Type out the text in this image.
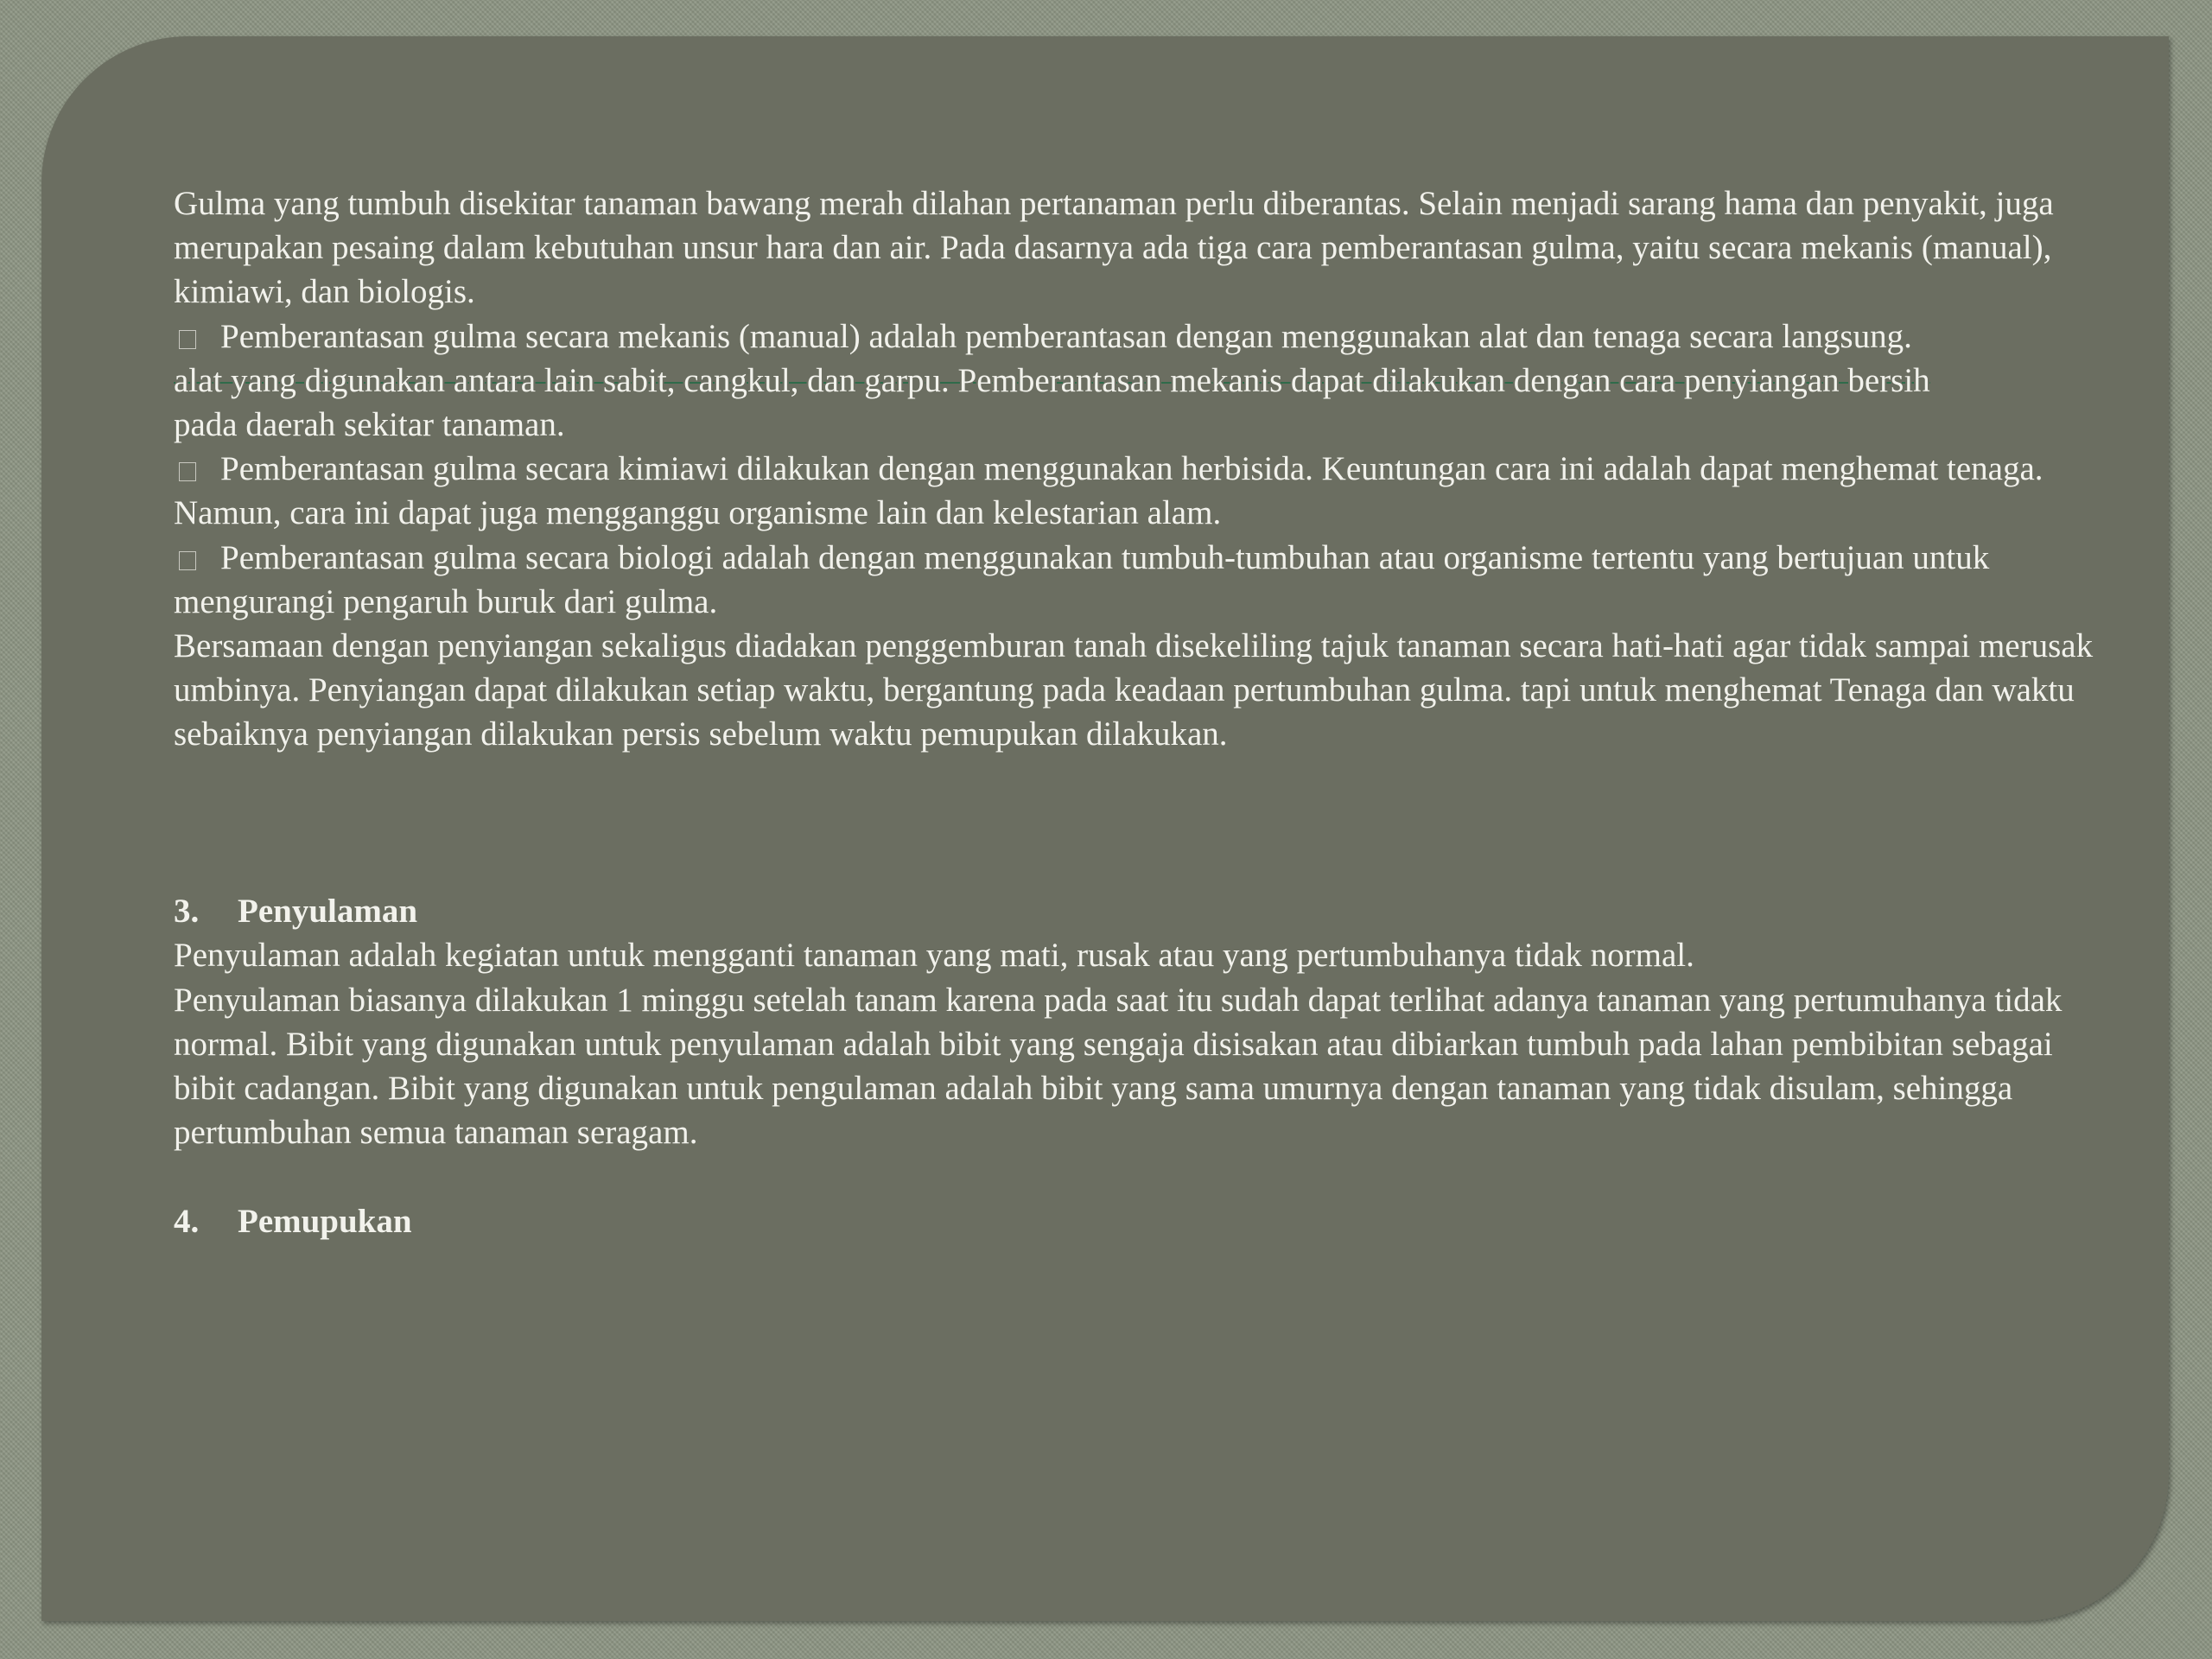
Gulma yang tumbuh disekitar tanaman bawang merah dilahan pertanaman perlu diberantas. Selain menjadi sarang hama dan penyakit, juga merupakan pesaing dalam kebutuhan unsur hara dan air. Pada dasarnya ada tiga cara pemberantasan gulma, yaitu secara mekanis (manual), kimiawi, dan biologis.

Pemberantasan gulma secara mekanis (manual) adalah pemberantasan dengan menggunakan alat dan tenaga secara langsung.
alat yang digunakan antara lain sabit, cangkul, dan garpu. Pemberantasan mekanis dapat dilakukan dengan cara penyiangan bersih
pada daerah sekitar tanaman.

Pemberantasan gulma secara kimiawi dilakukan dengan menggunakan herbisida. Keuntungan cara ini adalah dapat menghemat tenaga. Namun, cara ini dapat juga mengganggu organisme lain dan kelestarian alam.

Pemberantasan gulma secara biologi adalah dengan menggunakan tumbuh-tumbuhan atau organisme tertentu yang bertujuan untuk mengurangi pengaruh buruk dari gulma.

Bersamaan dengan penyiangan sekaligus diadakan penggemburan tanah disekeliling tajuk tanaman secara hati-hati agar tidak sampai merusak umbinya. Penyiangan dapat dilakukan setiap waktu, bergantung pada keadaan pertumbuhan gulma. tapi untuk menghemat Tenaga dan waktu sebaiknya penyiangan dilakukan persis sebelum waktu pemupukan dilakukan.

3. Penyulaman

Penyulaman adalah kegiatan untuk mengganti tanaman yang mati, rusak atau yang pertumbuhanya tidak normal.

Penyulaman biasanya dilakukan 1 minggu setelah tanam karena pada saat itu sudah dapat terlihat adanya tanaman yang pertumuhanya tidak normal. Bibit yang digunakan untuk penyulaman adalah bibit yang sengaja disisakan atau dibiarkan tumbuh pada lahan pembibitan sebagai bibit cadangan. Bibit yang digunakan untuk pengulaman adalah bibit yang sama umurnya dengan tanaman yang tidak disulam, sehingga pertumbuhan semua tanaman seragam.

4. Pemupukan
